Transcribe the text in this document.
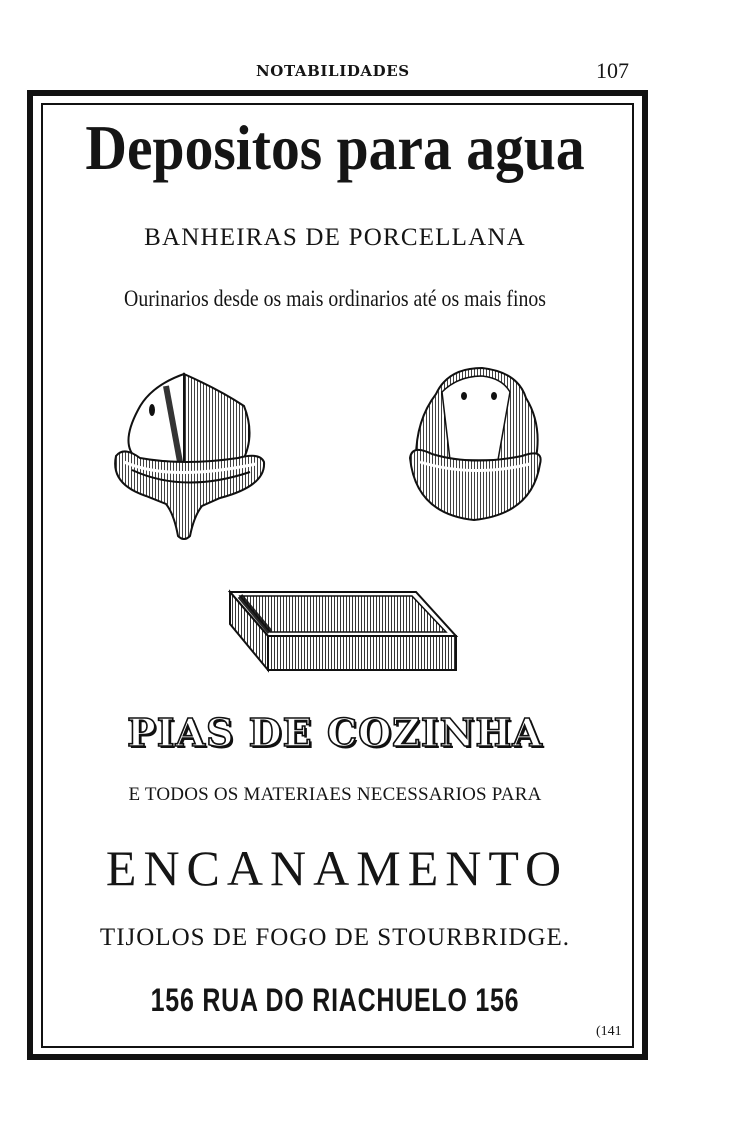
NOTABILIDADES	107
Depositos para agua
BANHEIRAS DE PORCELLANA
Ourinarios desde os mais ordinarios até os mais finos
PIAS DE COZINHA
E TODOS OS MATERIAES NECESSARIOS PARA
ENCANAMENTO
TIJOLOS DE FOGO DE STOURBRIDGE.
156 RUA DO RIACHUELO 156
(141
